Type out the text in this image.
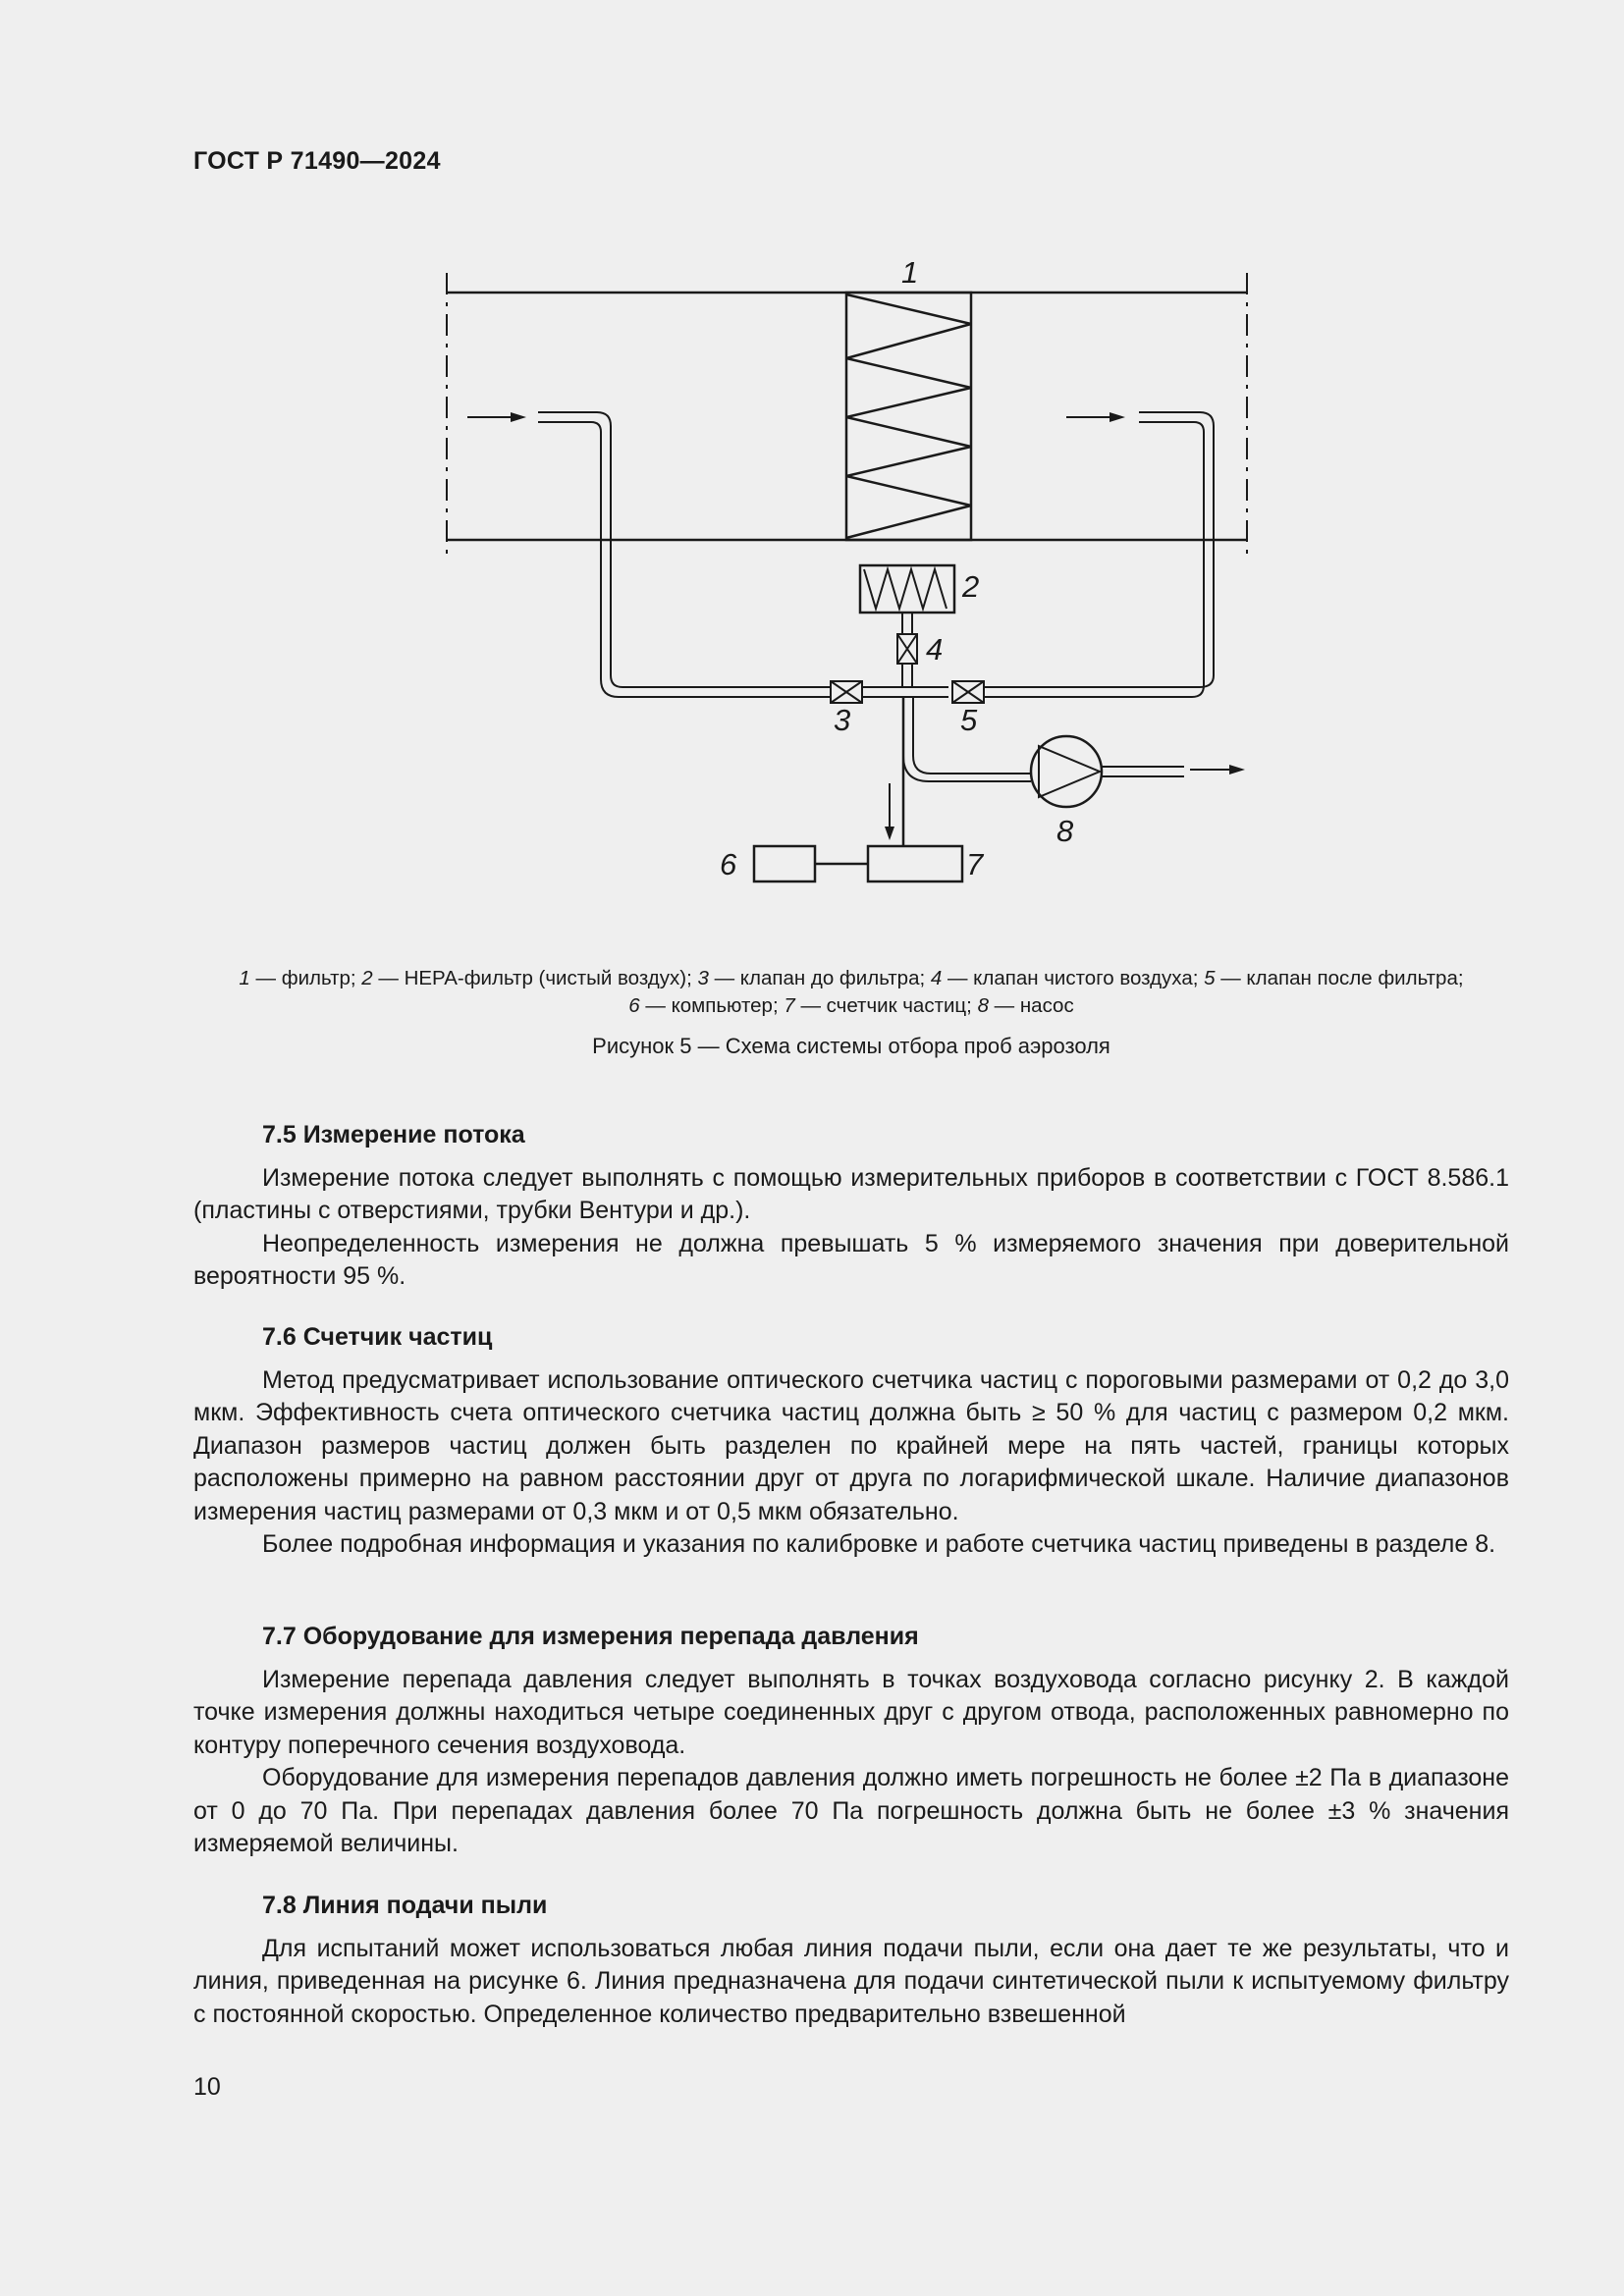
ГОСТ Р 71490—2024
1
2
3
4
5
6	7
8
1 — фильтр; 2 — HEPA-фильтр (чистый воздух); 3 — клапан до фильтра; 4 — клапан чистого воздуха; 5 — клапан после фильтра;
6 — компьютер; 7 — счетчик частиц; 8 — насос
Рисунок 5 — Схема системы отбора проб аэрозоля
7.5 Измерение потока

Измерение потока следует выполнять с помощью измерительных приборов в соответствии с ГОСТ 8.586.1 (пластины с отверстиями, трубки Вентури и др.).

Неопределенность измерения не должна превышать 5 % измеряемого значения при доверительной вероятности 95 %.

7.6 Счетчик частиц

Метод предусматривает использование оптического счетчика частиц с пороговыми размерами от 0,2 до 3,0 мкм. Эффективность счета оптического счетчика частиц должна быть ≥ 50 % для частиц с размером 0,2 мкм. Диапазон размеров частиц должен быть разделен по крайней мере на пять частей, границы которых расположены примерно на равном расстоянии друг от друга по логарифмической шкале. Наличие диапазонов измерения частиц размерами от 0,3 мкм и от 0,5 мкм обязательно.

Более подробная информация и указания по калибровке и работе счетчика частиц приведены в разделе 8.

7.7 Оборудование для измерения перепада давления

Измерение перепада давления следует выполнять в точках воздуховода согласно рисунку 2. В каждой точке измерения должны находиться четыре соединенных друг с другом отвода, расположенных равномерно по контуру поперечного сечения воздуховода.

Оборудование для измерения перепадов давления должно иметь погрешность не более ±2 Па в диапазоне от 0 до 70 Па. При перепадах давления более 70 Па погрешность должна быть не более ±3 % значения измеряемой величины.

7.8 Линия подачи пыли

Для испытаний может использоваться любая линия подачи пыли, если она дает те же результаты, что и линия, приведенная на рисунке 6. Линия предназначена для подачи синтетической пыли к испытуемому фильтру с постоянной скоростью. Определенное количество предварительно взвешенной

10
